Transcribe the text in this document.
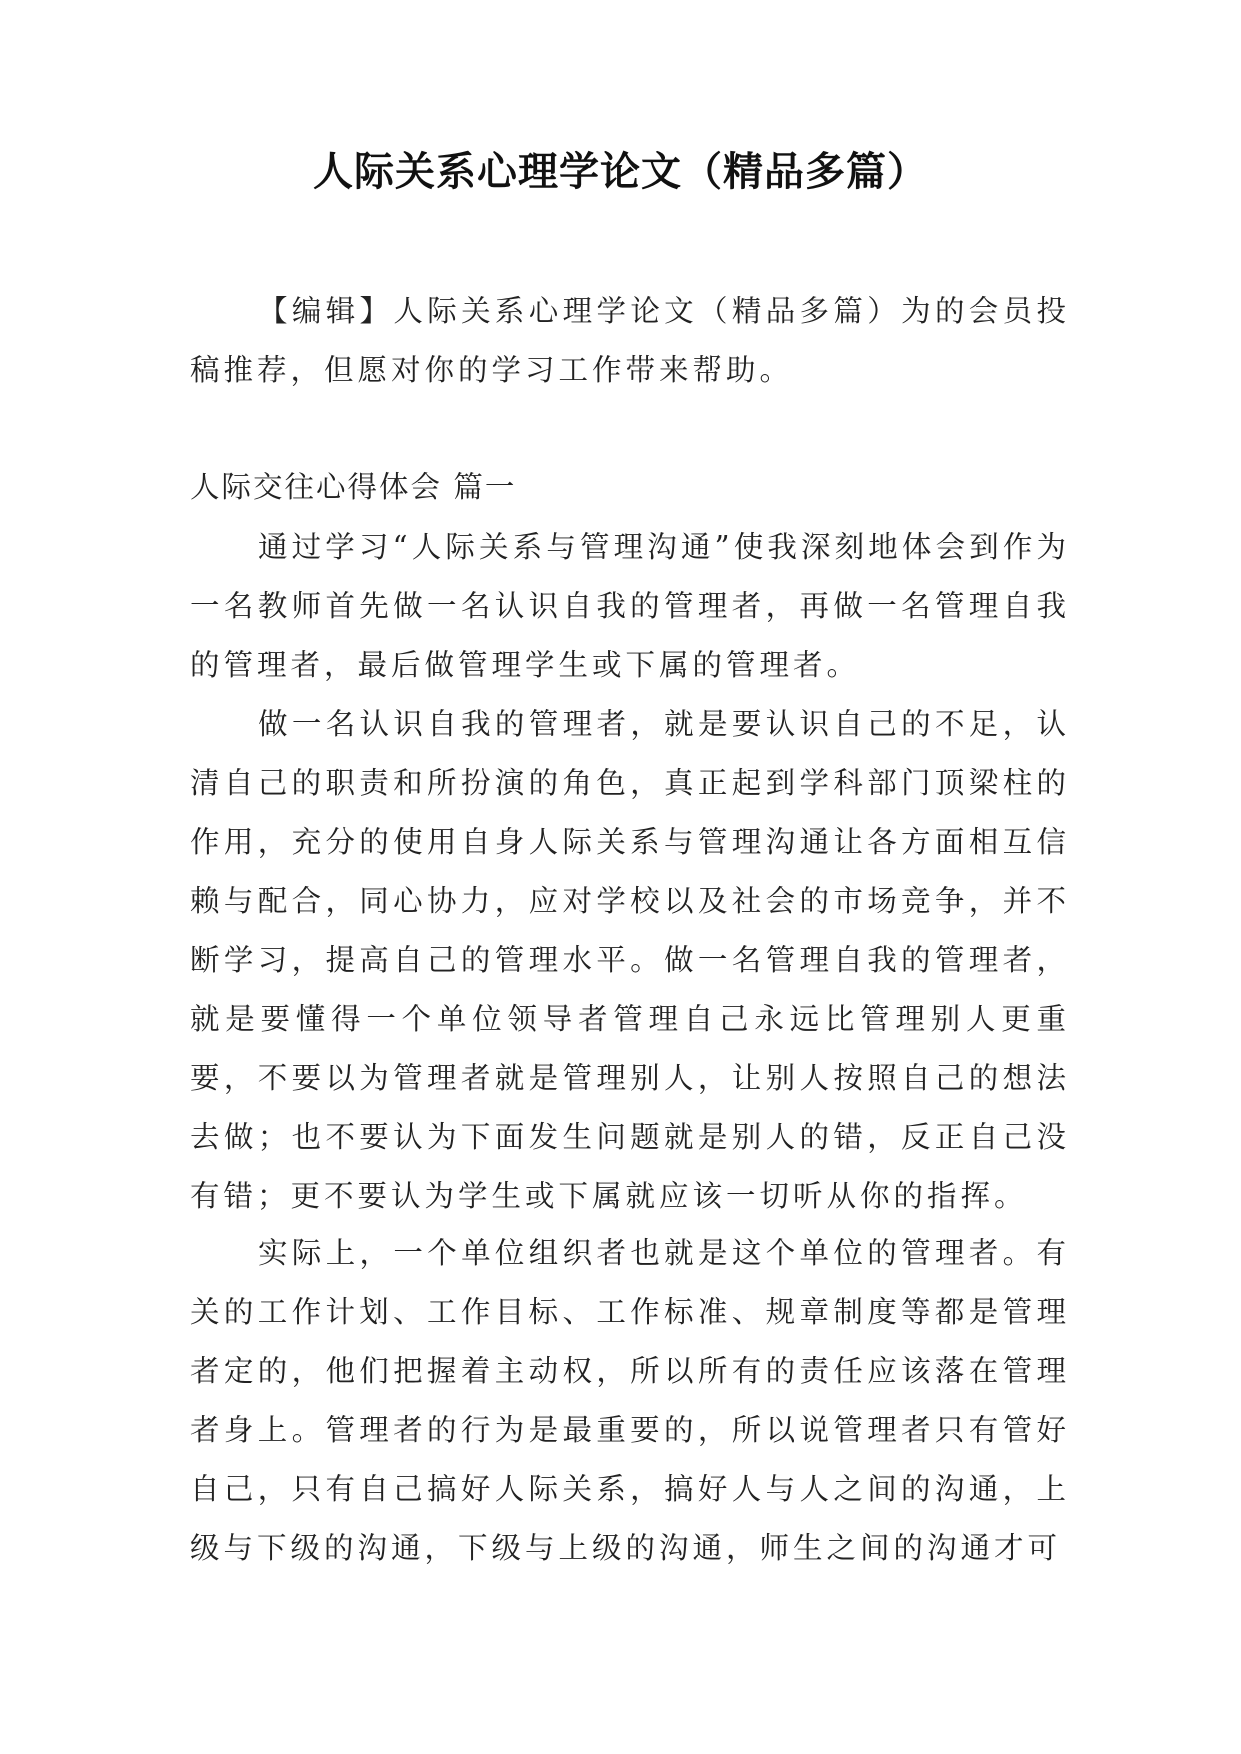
人际关系心理学论文（精品多篇）

【编辑】人际关系心理学论文（精品多篇）为的会员投稿推荐，但愿对你的学习工作带来帮助。

人际交往心得体会 篇一

通过学习“人际关系与管理沟通”使我深刻地体会到作为一名教师首先做一名认识自我的管理者，再做一名管理自我的管理者，最后做管理学生或下属的管理者。

做一名认识自我的管理者，就是要认识自己的不足，认清自己的职责和所扮演的角色，真正起到学科部门顶梁柱的作用，充分的使用自身人际关系与管理沟通让各方面相互信赖与配合，同心协力，应对学校以及社会的市场竞争，并不断学习，提高自己的管理水平。做一名管理自我的管理者，就是要懂得一个单位领导者管理自己永远比管理别人更重要，不要以为管理者就是管理别人，让别人按照自己的想法去做；也不要认为下面发生问题就是别人的错，反正自己没有错；更不要认为学生或下属就应该一切听从你的指挥。

实际上，一个单位组织者也就是这个单位的管理者。有关的工作计划、工作目标、工作标准、规章制度等都是管理者定的，他们把握着主动权，所以所有的责任应该落在管理者身上。管理者的行为是最重要的，所以说管理者只有管好自己，只有自己搞好人际关系，搞好人与人之间的沟通，上级与下级的沟通，下级与上级的沟通，师生之间的沟通才可
